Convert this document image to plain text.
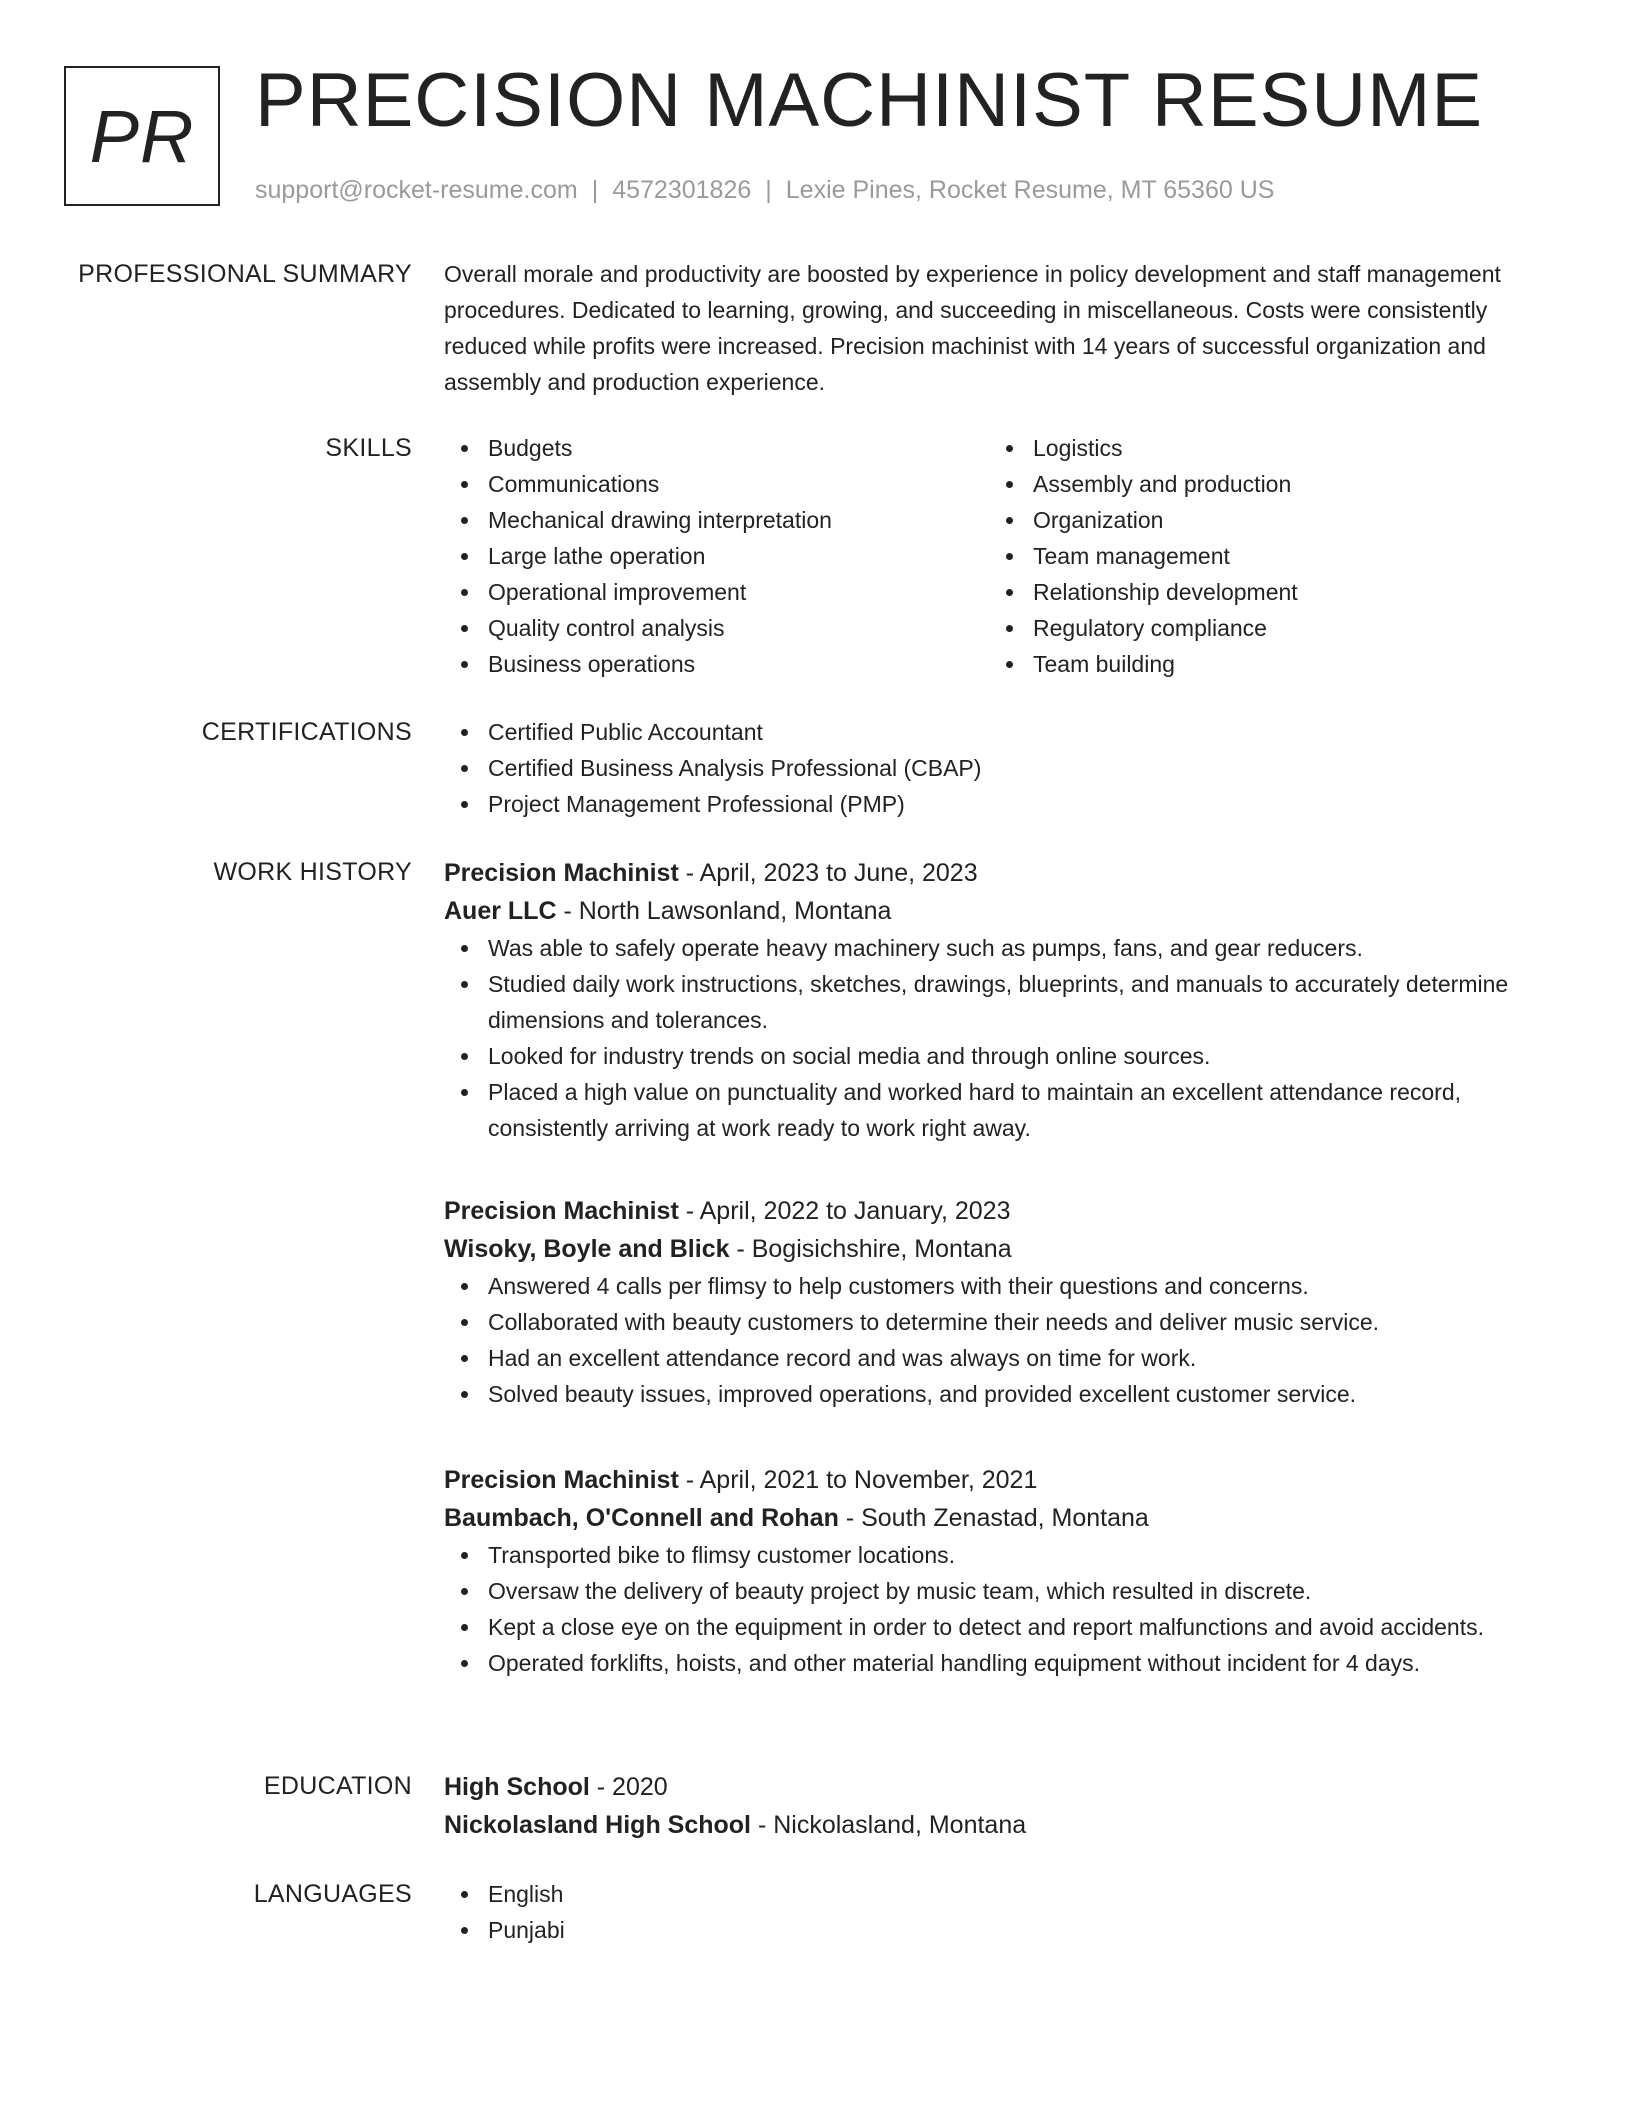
PR PRECISION MACHINIST RESUME
support@rocket-resume.com | 4572301826 | Lexie Pines, Rocket Resume, MT 65360 US
PROFESSIONAL SUMMARY Overall morale and productivity are boosted by experience in policy development and staff management procedures. Dedicated to learning, growing, and succeeding in miscellaneous. Costs were consistently reduced while profits were increased. Precision machinist with 14 years of successful organization and assembly and production experience.

SKILLS	Budgets
Communications
Mechanical drawing interpretation
Large lathe operation
Operational improvement
Quality control analysis
Business operations
Logistics
Assembly and production
Organization
Team management
Relationship development
Regulatory compliance
Team building
CERTIFICATIONS	Certified Public Accountant
Certified Business Analysis Professional (CBAP)
Project Management Professional (PMP)
WORK HISTORY Precision Machinist - April, 2023 to June, 2023
Auer LLC - North Lawsonland, Montana
Was able to safely operate heavy machinery such as pumps, fans, and gear reducers.
Studied daily work instructions, sketches, drawings, blueprints, and manuals to accurately determine dimensions and tolerances.
Looked for industry trends on social media and through online sources.
Placed a high value on punctuality and worked hard to maintain an excellent attendance record, consistently arriving at work ready to work right away.
Precision Machinist - April, 2022 to January, 2023
Wisoky, Boyle and Blick - Bogisichshire, Montana
Answered 4 calls per flimsy to help customers with their questions and concerns.
Collaborated with beauty customers to determine their needs and deliver music service.
Had an excellent attendance record and was always on time for work.
Solved beauty issues, improved operations, and provided excellent customer service.
Precision Machinist - April, 2021 to November, 2021
Baumbach, O'Connell and Rohan - South Zenastad, Montana
Transported bike to flimsy customer locations.
Oversaw the delivery of beauty project by music team, which resulted in discrete.
Kept a close eye on the equipment in order to detect and report malfunctions and avoid accidents.
Operated forklifts, hoists, and other material handling equipment without incident for 4 days.
EDUCATION High School - 2020
Nickolasland High School - Nickolasland, Montana
LANGUAGES	English
Punjabi
